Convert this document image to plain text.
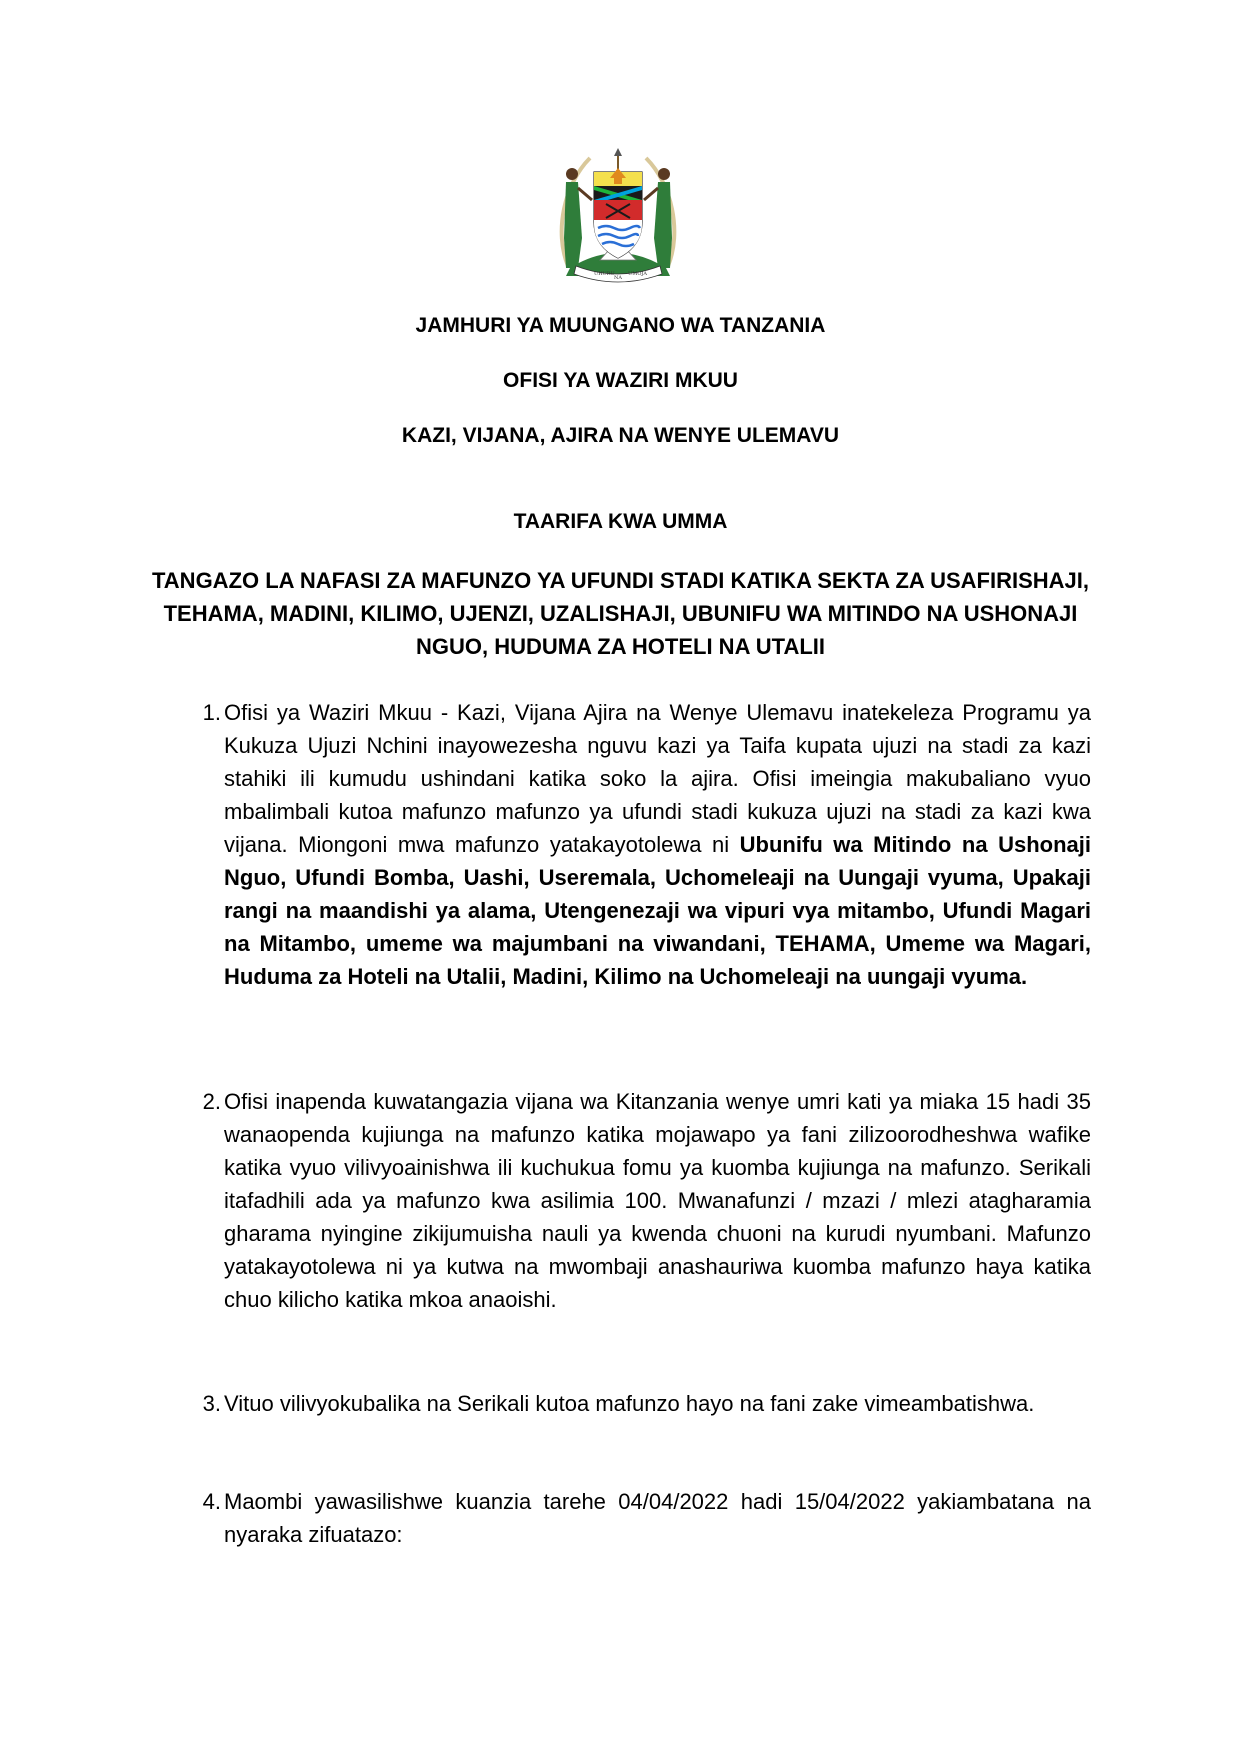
UHURU
NA
UMOJA
JAMHURI YA MUUNGANO WA TANZANIA
OFISI YA WAZIRI MKUU
KAZI, VIJANA, AJIRA NA WENYE ULEMAVU
TAARIFA KWA UMMA
TANGAZO LA NAFASI ZA MAFUNZO YA UFUNDI STADI KATIKA SEKTA ZA USAFIRISHAJI, TEHAMA, MADINI, KILIMO, UJENZI, UZALISHAJI, UBUNIFU WA MITINDO NA USHONAJI NGUO, HUDUMA ZA HOTELI NA UTALII
1. Ofisi ya Waziri Mkuu - Kazi, Vijana Ajira na Wenye Ulemavu inatekeleza Programu ya Kukuza Ujuzi Nchini inayowezesha nguvu kazi ya Taifa kupata ujuzi na stadi za kazi stahiki ili kumudu ushindani katika soko la ajira. Ofisi imeingia makubaliano vyuo mbalimbali kutoa mafunzo mafunzo ya ufundi stadi kukuza ujuzi na stadi za kazi kwa vijana. Miongoni mwa mafunzo yatakayotolewa ni Ubunifu wa Mitindo na Ushonaji Nguo, Ufundi Bomba, Uashi, Useremala, Uchomeleaji na Uungaji vyuma, Upakaji rangi na maandishi ya alama, Utengenezaji wa vipuri vya mitambo, Ufundi Magari na Mitambo, umeme wa majumbani na viwandani, TEHAMA, Umeme wa Magari, Huduma za Hoteli na Utalii, Madini, Kilimo na Uchomeleaji na uungaji vyuma.
2. Ofisi inapenda kuwatangazia vijana wa Kitanzania wenye umri kati ya miaka 15 hadi 35 wanaopenda kujiunga na mafunzo katika mojawapo ya fani zilizoorodheshwa wafike katika vyuo vilivyoainishwa ili kuchukua fomu ya kuomba kujiunga na mafunzo. Serikali itafadhili ada ya mafunzo kwa asilimia 100. Mwanafunzi / mzazi / mlezi atagharamia gharama nyingine zikijumuisha nauli ya kwenda chuoni na kurudi nyumbani. Mafunzo yatakayotolewa ni ya kutwa na mwombaji anashauriwa kuomba mafunzo haya katika chuo kilicho katika mkoa anaoishi.
3. Vituo vilivyokubalika na Serikali kutoa mafunzo hayo na fani zake vimeambatishwa.
4. Maombi yawasilishwe kuanzia tarehe 04/04/2022 hadi 15/04/2022 yakiambatana na nyaraka zifuatazo:
